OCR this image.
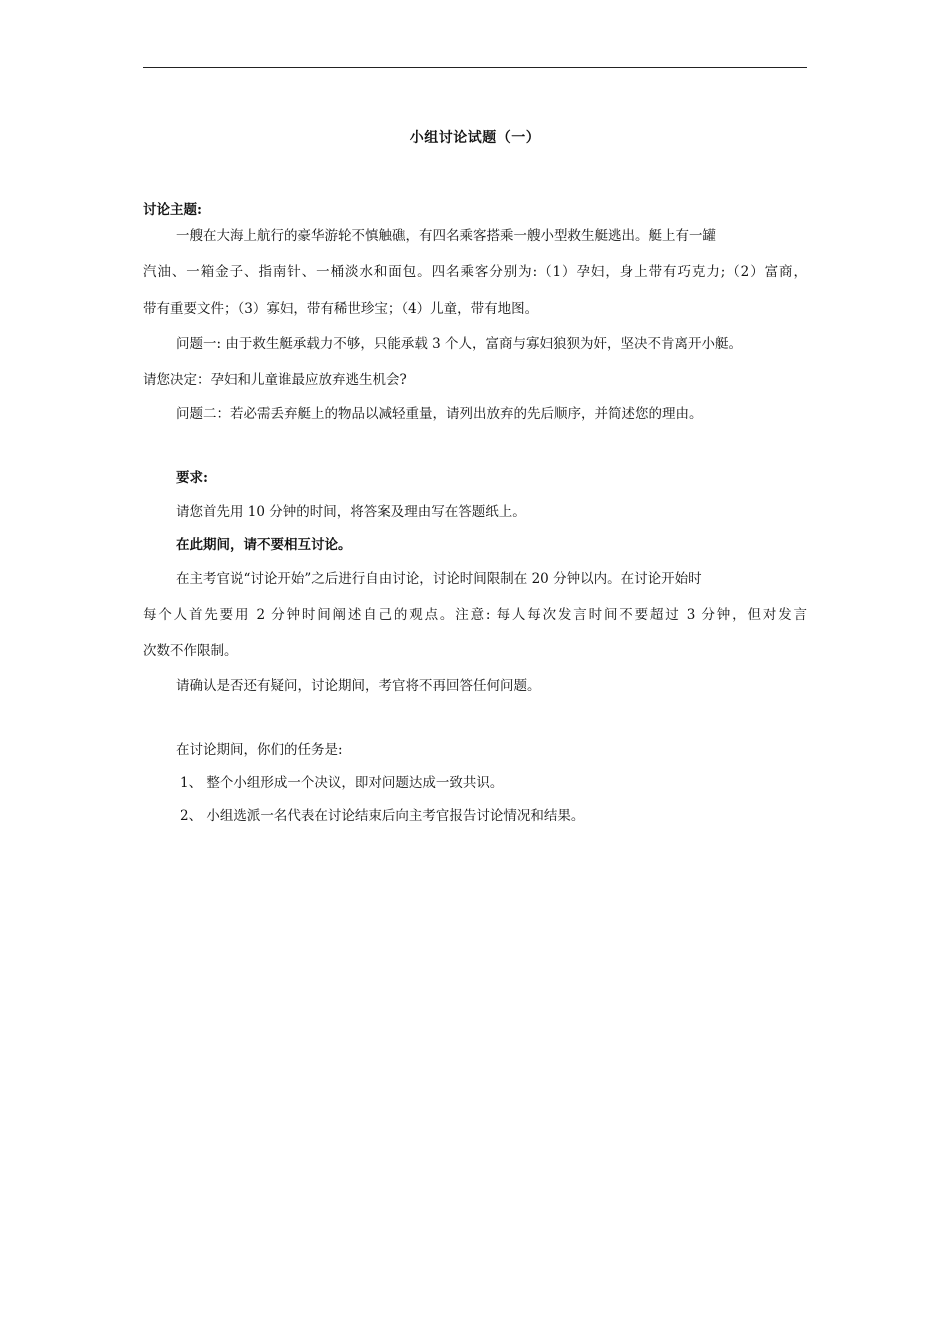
小组讨论试题（一）
讨论主题:
一艘在大海上航行的豪华游轮不慎触礁，有四名乘客搭乘一艘小型救生艇逃出。艇上有一罐
汽油、一箱金子、指南针、一桶淡水和面包。四名乘客分别为:（1）孕妇，身上带有巧克力;（2）富商，
带有重要文件；（3）寡妇，带有稀世珍宝；（4）儿童，带有地图。
问题一: 由于救生艇承载力不够，只能承载 3 个人，富商与寡妇狼狈为奸，坚决不肯离开小艇。
请您决定：孕妇和儿童谁最应放弃逃生机会?
问题二：若必需丢弃艇上的物品以减轻重量，请列出放弃的先后顺序，并简述您的理由。
要求:
请您首先用 10 分钟的时间，将答案及理由写在答题纸上。
在此期间，请不要相互讨论。
在主考官说“讨论开始”之后进行自由讨论，讨论时间限制在 20 分钟以内。在讨论开始时
每个人首先要用 2 分钟时间阐述自己的观点。注意: 每人每次发言时间不要超过 3 分钟，但对发言
次数不作限制。
请确认是否还有疑问，讨论期间，考官将不再回答任何问题。
在讨论期间，你们的任务是:
1、 整个小组形成一个决议，即对问题达成一致共识。
2、 小组选派一名代表在讨论结束后向主考官报告讨论情况和结果。
